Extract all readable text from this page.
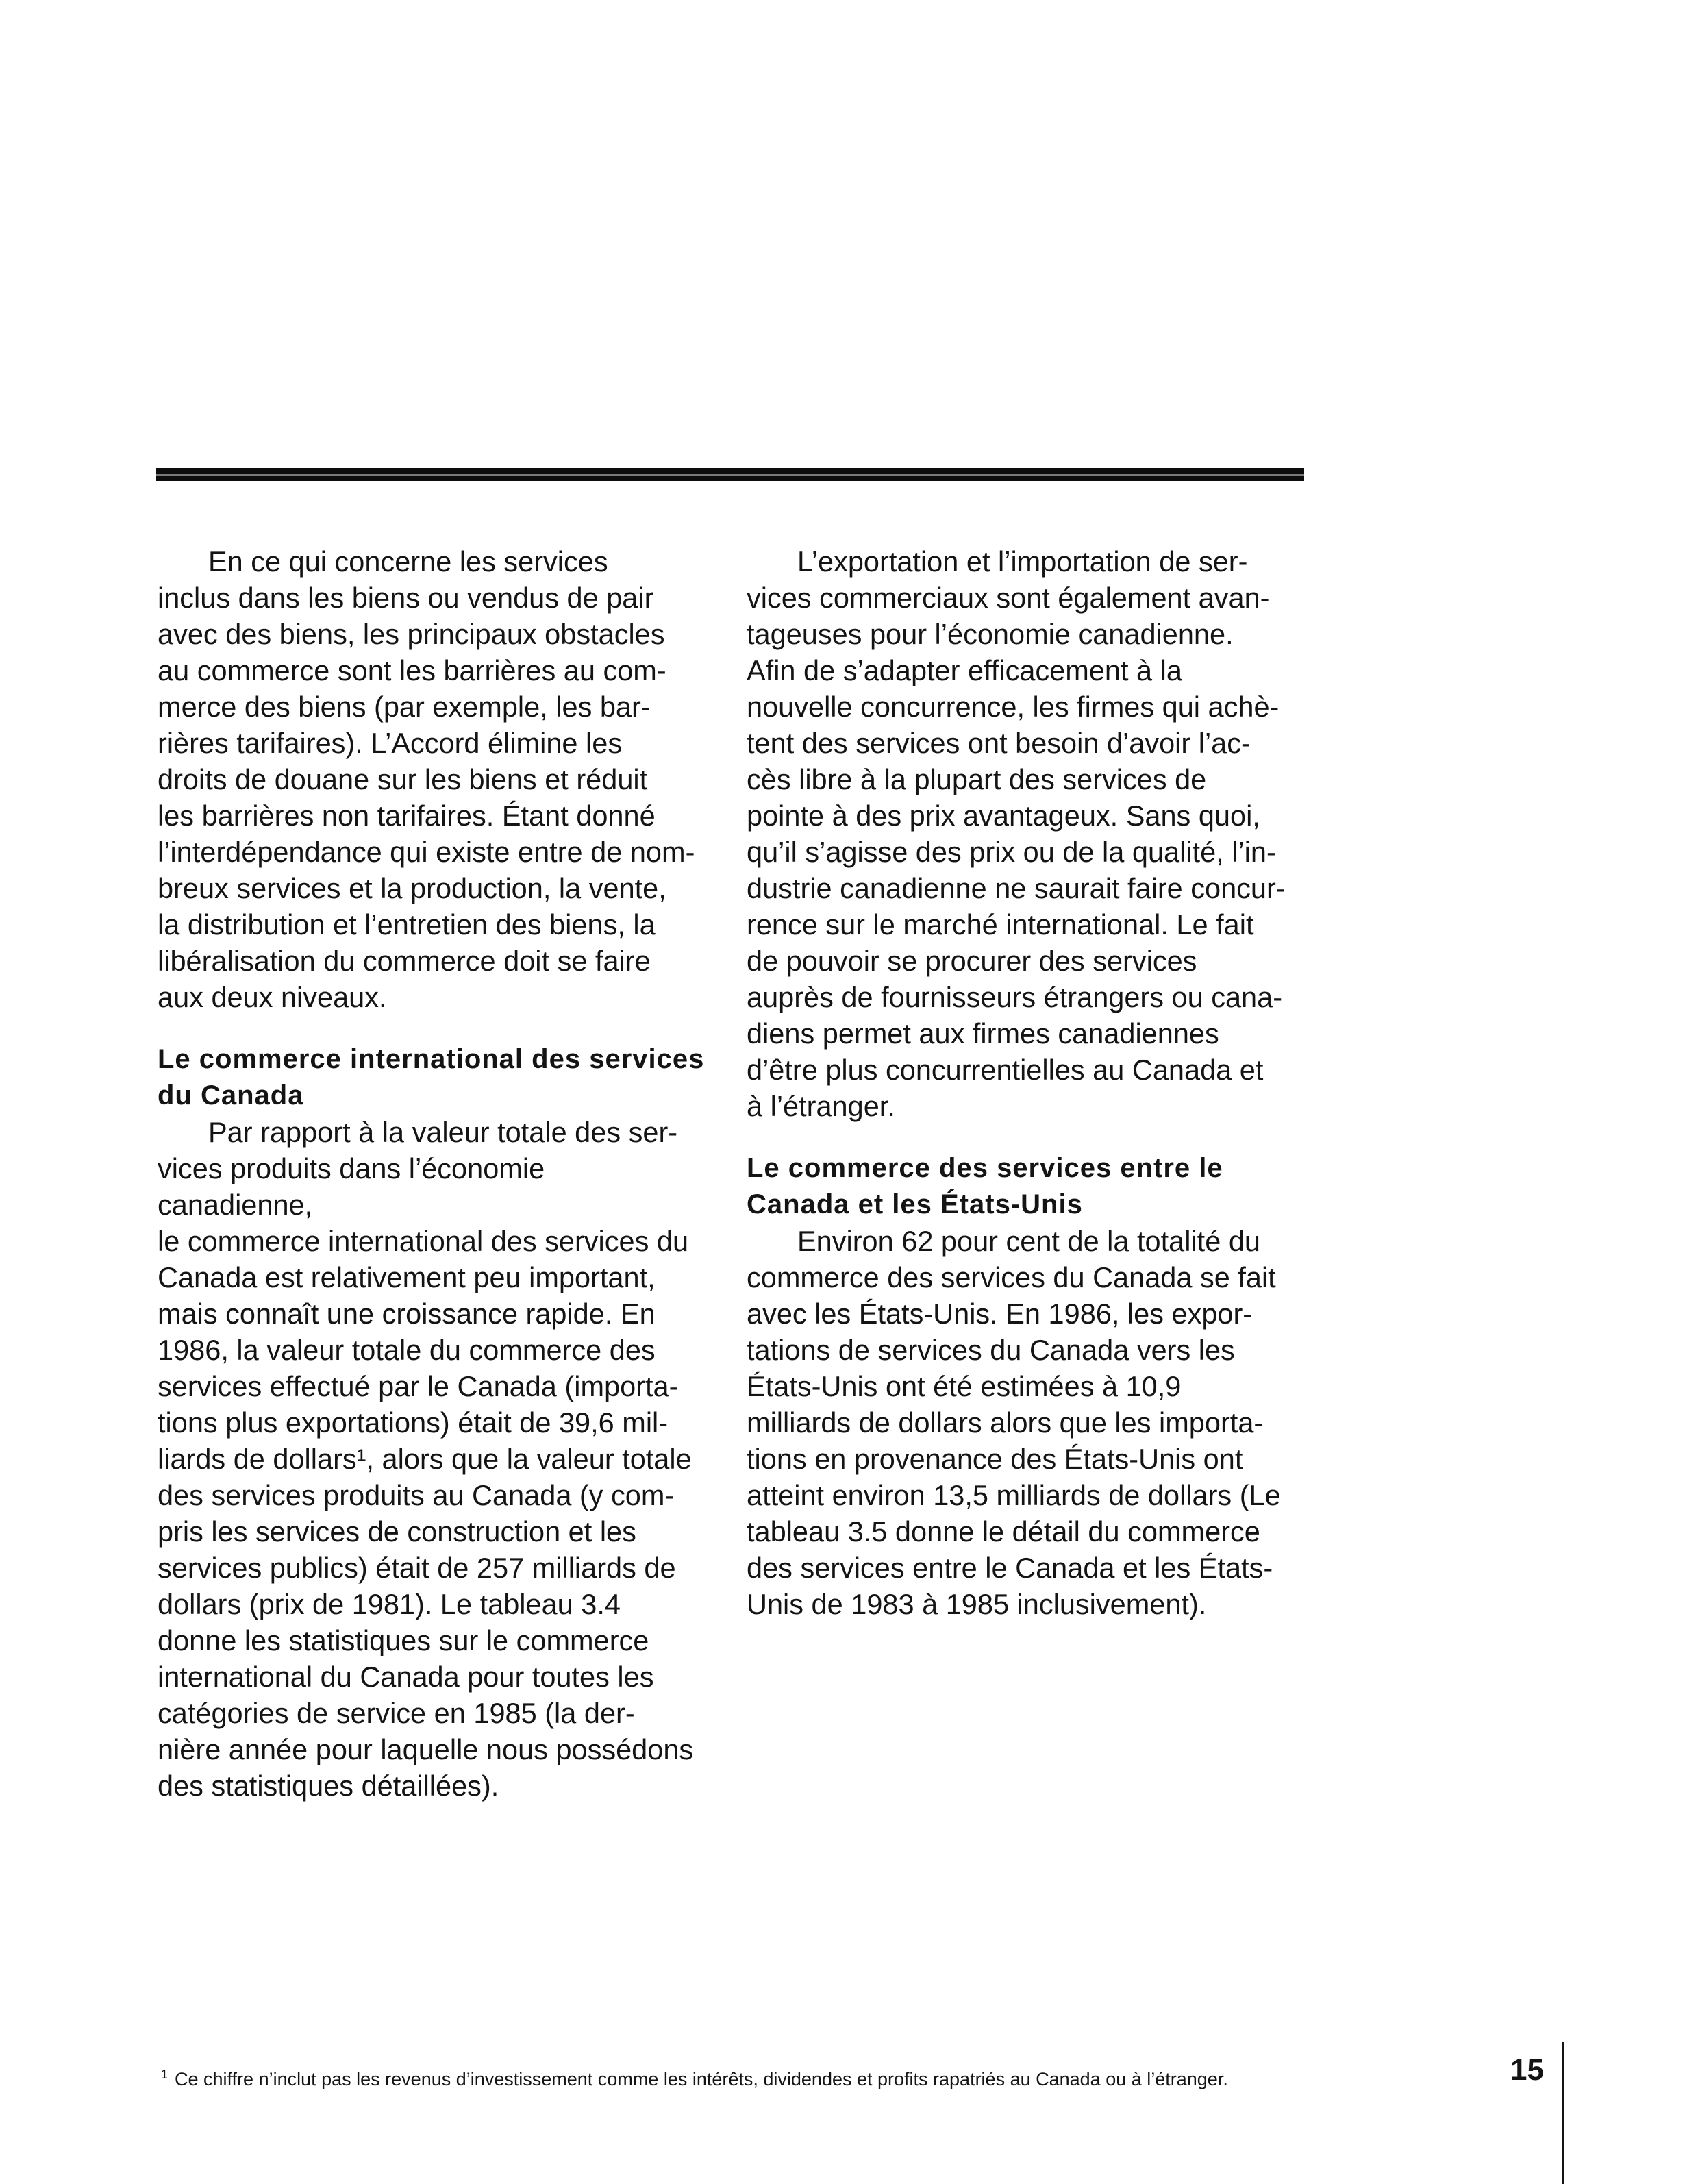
En ce qui concerne les services
inclus dans les biens ou vendus de pair
avec des biens, les principaux obstacles
au commerce sont les barrières au com-
merce des biens (par exemple, les bar-
rières tarifaires). L’Accord élimine les
droits de douane sur les biens et réduit
les barrières non tarifaires. Étant donné
l’interdépendance qui existe entre de nom-
breux services et la production, la vente,
la distribution et l’entretien des biens, la
libéralisation du commerce doit se faire
aux deux niveaux.

Le commerce international des services
du Canada

Par rapport à la valeur totale des ser-
vices produits dans l’économie canadienne,
le commerce international des services du
Canada est relativement peu important,
mais connaît une croissance rapide. En
1986, la valeur totale du commerce des
services effectué par le Canada (importa-
tions plus exportations) était de 39,6 mil-
liards de dollars¹, alors que la valeur totale
des services produits au Canada (y com-
pris les services de construction et les
services publics) était de 257 milliards de
dollars (prix de 1981). Le tableau 3.4
donne les statistiques sur le commerce
international du Canada pour toutes les
catégories de service en 1985 (la der-
nière année pour laquelle nous possédons
des statistiques détaillées).

L’exportation et l’importation de ser-
vices commerciaux sont également avan-
tageuses pour l’économie canadienne.
Afin de s’adapter efficacement à la
nouvelle concurrence, les firmes qui achè-
tent des services ont besoin d’avoir l’ac-
cès libre à la plupart des services de
pointe à des prix avantageux. Sans quoi,
qu’il s’agisse des prix ou de la qualité, l’in-
dustrie canadienne ne saurait faire concur-
rence sur le marché international. Le fait
de pouvoir se procurer des services
auprès de fournisseurs étrangers ou cana-
diens permet aux firmes canadiennes
d’être plus concurrentielles au Canada et
à l’étranger.

Le commerce des services entre le
Canada et les États-Unis

Environ 62 pour cent de la totalité du
commerce des services du Canada se fait
avec les États-Unis. En 1986, les expor-
tations de services du Canada vers les
États-Unis ont été estimées à 10,9
milliards de dollars alors que les importa-
tions en provenance des États-Unis ont
atteint environ 13,5 milliards de dollars (Le
tableau 3.5 donne le détail du commerce
des services entre le Canada et les États-
Unis de 1983 à 1985 inclusivement).

$^1$ Ce chiffre n’inclut pas les revenus d’investissement comme les intérêts, dividendes et profits rapatriés au Canada ou à l’étranger.	15
